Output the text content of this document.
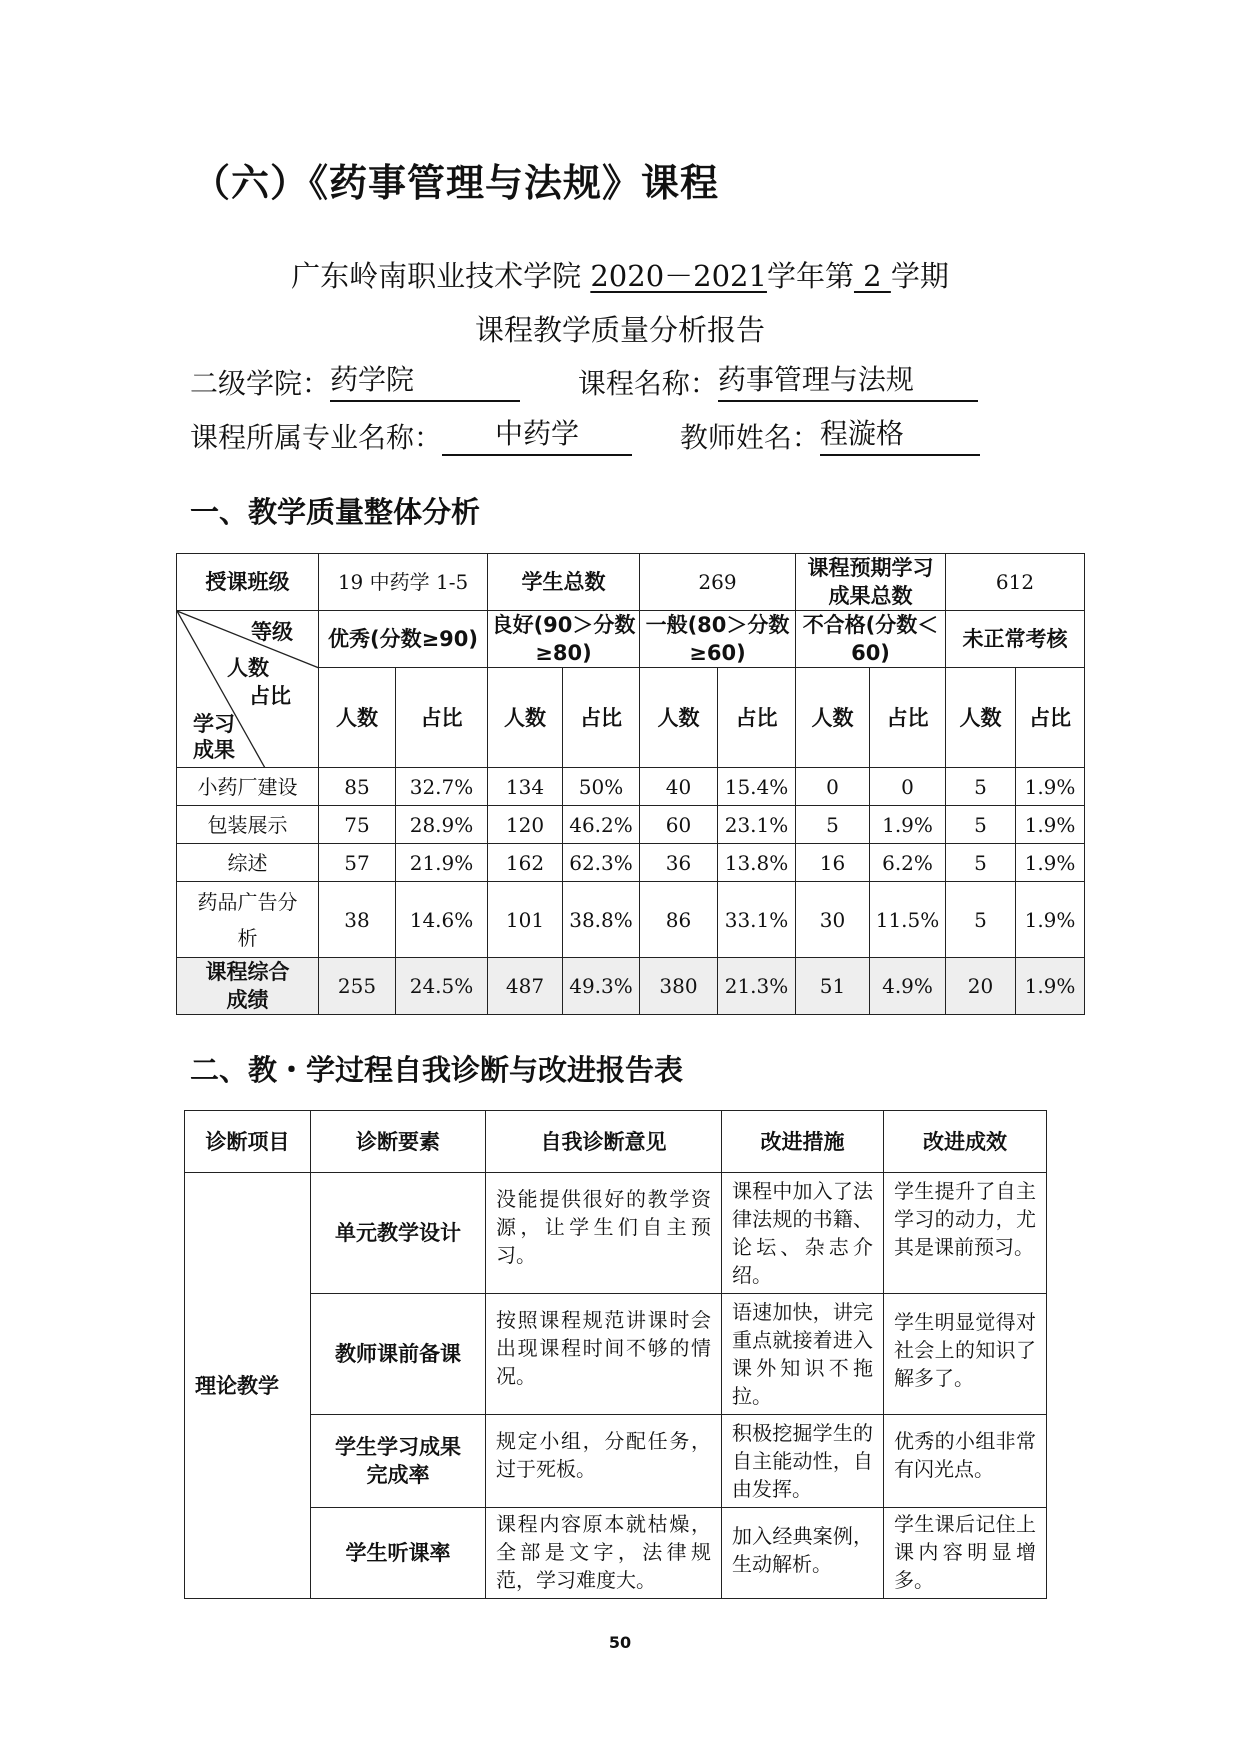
（六）《药事管理与法规》课程
广东岭南职业技术学院 2020－2021学年第 2 学期
课程教学质量分析报告
二级学院：药学院	课程名称：药事管理与法规
课程所属专业名称： 中药学	教师姓名：程漩格
一、教学质量整体分析
授课班级	19 中药学 1-5		学生总数		269		课程预期学习成果总数		612	

等级
人数
占比
学习成果	优秀(分数≥90)		良好(90＞分数≥80)		一般(80＞分数≥60)		不合格(分数＜60)		未正常考核	
	人数	占比	人数	占比	人数	占比	人数	占比	人数	占比
小药厂建设	85	32.7%	134	50%	40	15.4%	0	0	5	1.9%
包装展示	75	28.9%	120	46.2%	60	23.1%	5	1.9%	5	1.9%
综述	57	21.9%	162	62.3%	36	13.8%	16	6.2%	5	1.9%
药品广告分析	38	14.6%	101	38.8%	86	33.1%	30	11.5%	5	1.9%
课程综合成绩	255	24.5%	487	49.3%	380	21.3%	51	4.9%	20	1.9%
二、教・学过程自我诊断与改进报告表
诊断项目	诊断要素	自我诊断意见	改进措施	改进成效
理论教学	单元教学设计	没能提供很好的教学资源，让学生们自主预习。	课程中加入了法律法规的书籍、论坛、杂志介绍。	学生提升了自主学习的动力，尤其是课前预习。
	教师课前备课	按照课程规范讲课时会出现课程时间不够的情况。	语速加快，讲完重点就接着进入课外知识不拖拉。	学生明显觉得对社会上的知识了解多了。
	学生学习成果完成率	规定小组，分配任务，过于死板。	积极挖掘学生的自主能动性，自由发挥。	优秀的小组非常有闪光点。
	学生听课率	课程内容原本就枯燥，全部是文字，法律规范，学习难度大。	加入经典案例，生动解析。	学生课后记住上课内容明显增多。
50
